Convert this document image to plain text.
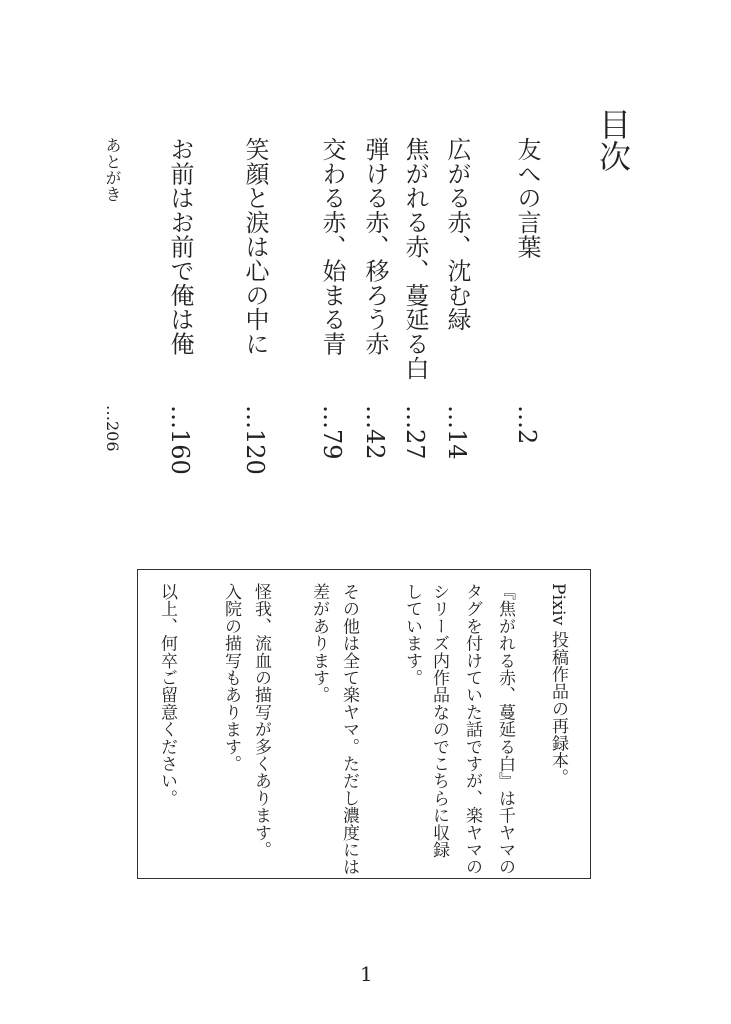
目次
友への言葉
…2
広がる赤、沈む緑
…14
焦がれる赤、蔓延る白
…27
弾ける赤、移ろう赤
…42
交わる赤、始まる青
…79
笑顔と涙は心の中に
…120
お前はお前で俺は俺
…160
あとがき
…206
Pixiv 投稿作品の再録本。
『焦がれる赤、蔓延る白』は千ヤマの
タグを付けていた話ですが、楽ヤマの
シリーズ内作品なのでこちらに収録
しています。
その他は全て楽ヤマ。ただし濃度には
差があります。
怪我、流血の描写が多くあります。
入院の描写もあります。
以上、何卒ご留意ください。
1
